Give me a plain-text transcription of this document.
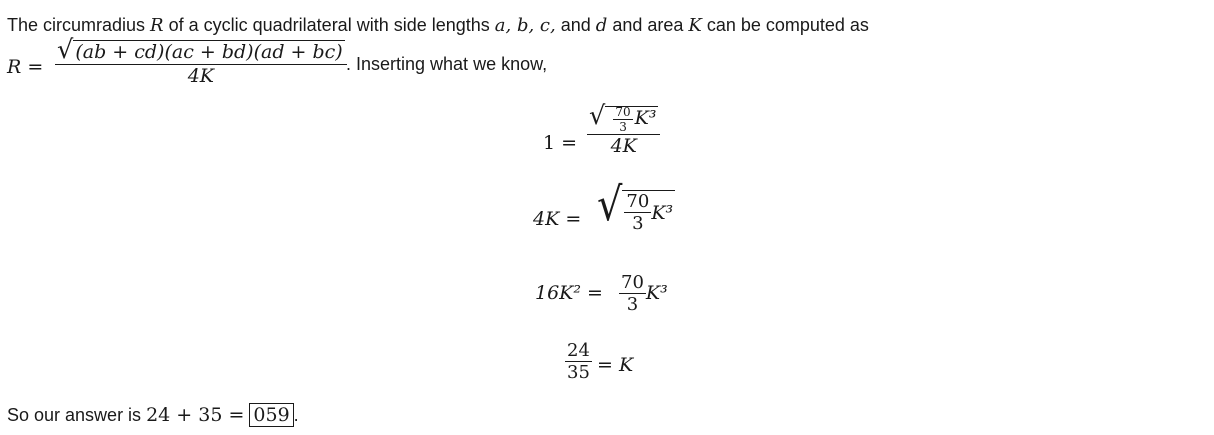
The circumradius R of a cyclic quadrilateral with side lengths a, b, c, and d and area K can be computed as
R =
√ (ab + cd)(ac + bd)(ad + bc)
4K
. Inserting what we know,
1 =
√ $\frac{70}{3} K^3$
4K
4K = √ $\frac{70}{3} K^3$
$16K^2 = \frac{70}{3} K^3$
24
35 = K
So our answer is 24 + 35 = 059 .
